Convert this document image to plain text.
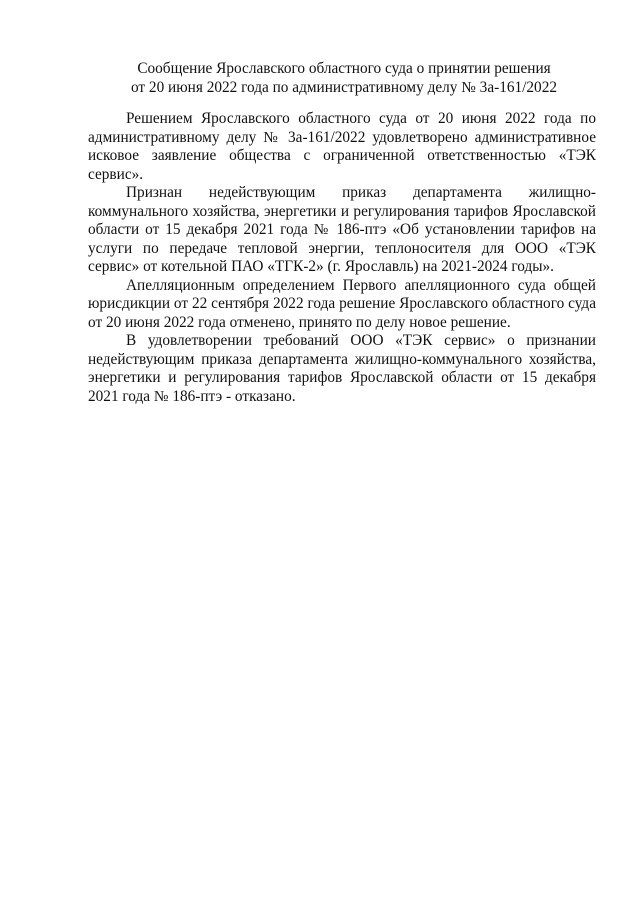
Сообщение Ярославского областного суда о принятии решения
от 20 июня 2022 года по административному делу № 3а-161/2022

Решением Ярославского областного суда от 20 июня 2022 года по административному делу № 3а-161/2022 удовлетворено административное исковое заявление общества с ограниченной ответственностью «ТЭК сервис».

Признан недействующим приказ департамента жилищно-коммунального хозяйства, энергетики и регулирования тарифов Ярославской области от 15 декабря 2021 года № 186-птэ «Об установлении тарифов на услуги по передаче тепловой энергии, теплоносителя для ООО «ТЭК сервис» от котельной ПАО «ТГК-2» (г. Ярославль) на 2021-2024 годы».

Апелляционным определением Первого апелляционного суда общей юрисдикции от 22 сентября 2022 года решение Ярославского областного суда от 20 июня 2022 года отменено, принято по делу новое решение.

В удовлетворении требований ООО «ТЭК сервис» о признании недействующим приказа департамента жилищно-коммунального хозяйства, энергетики и регулирования тарифов Ярославской области от 15 декабря 2021 года № 186-птэ - отказано.
